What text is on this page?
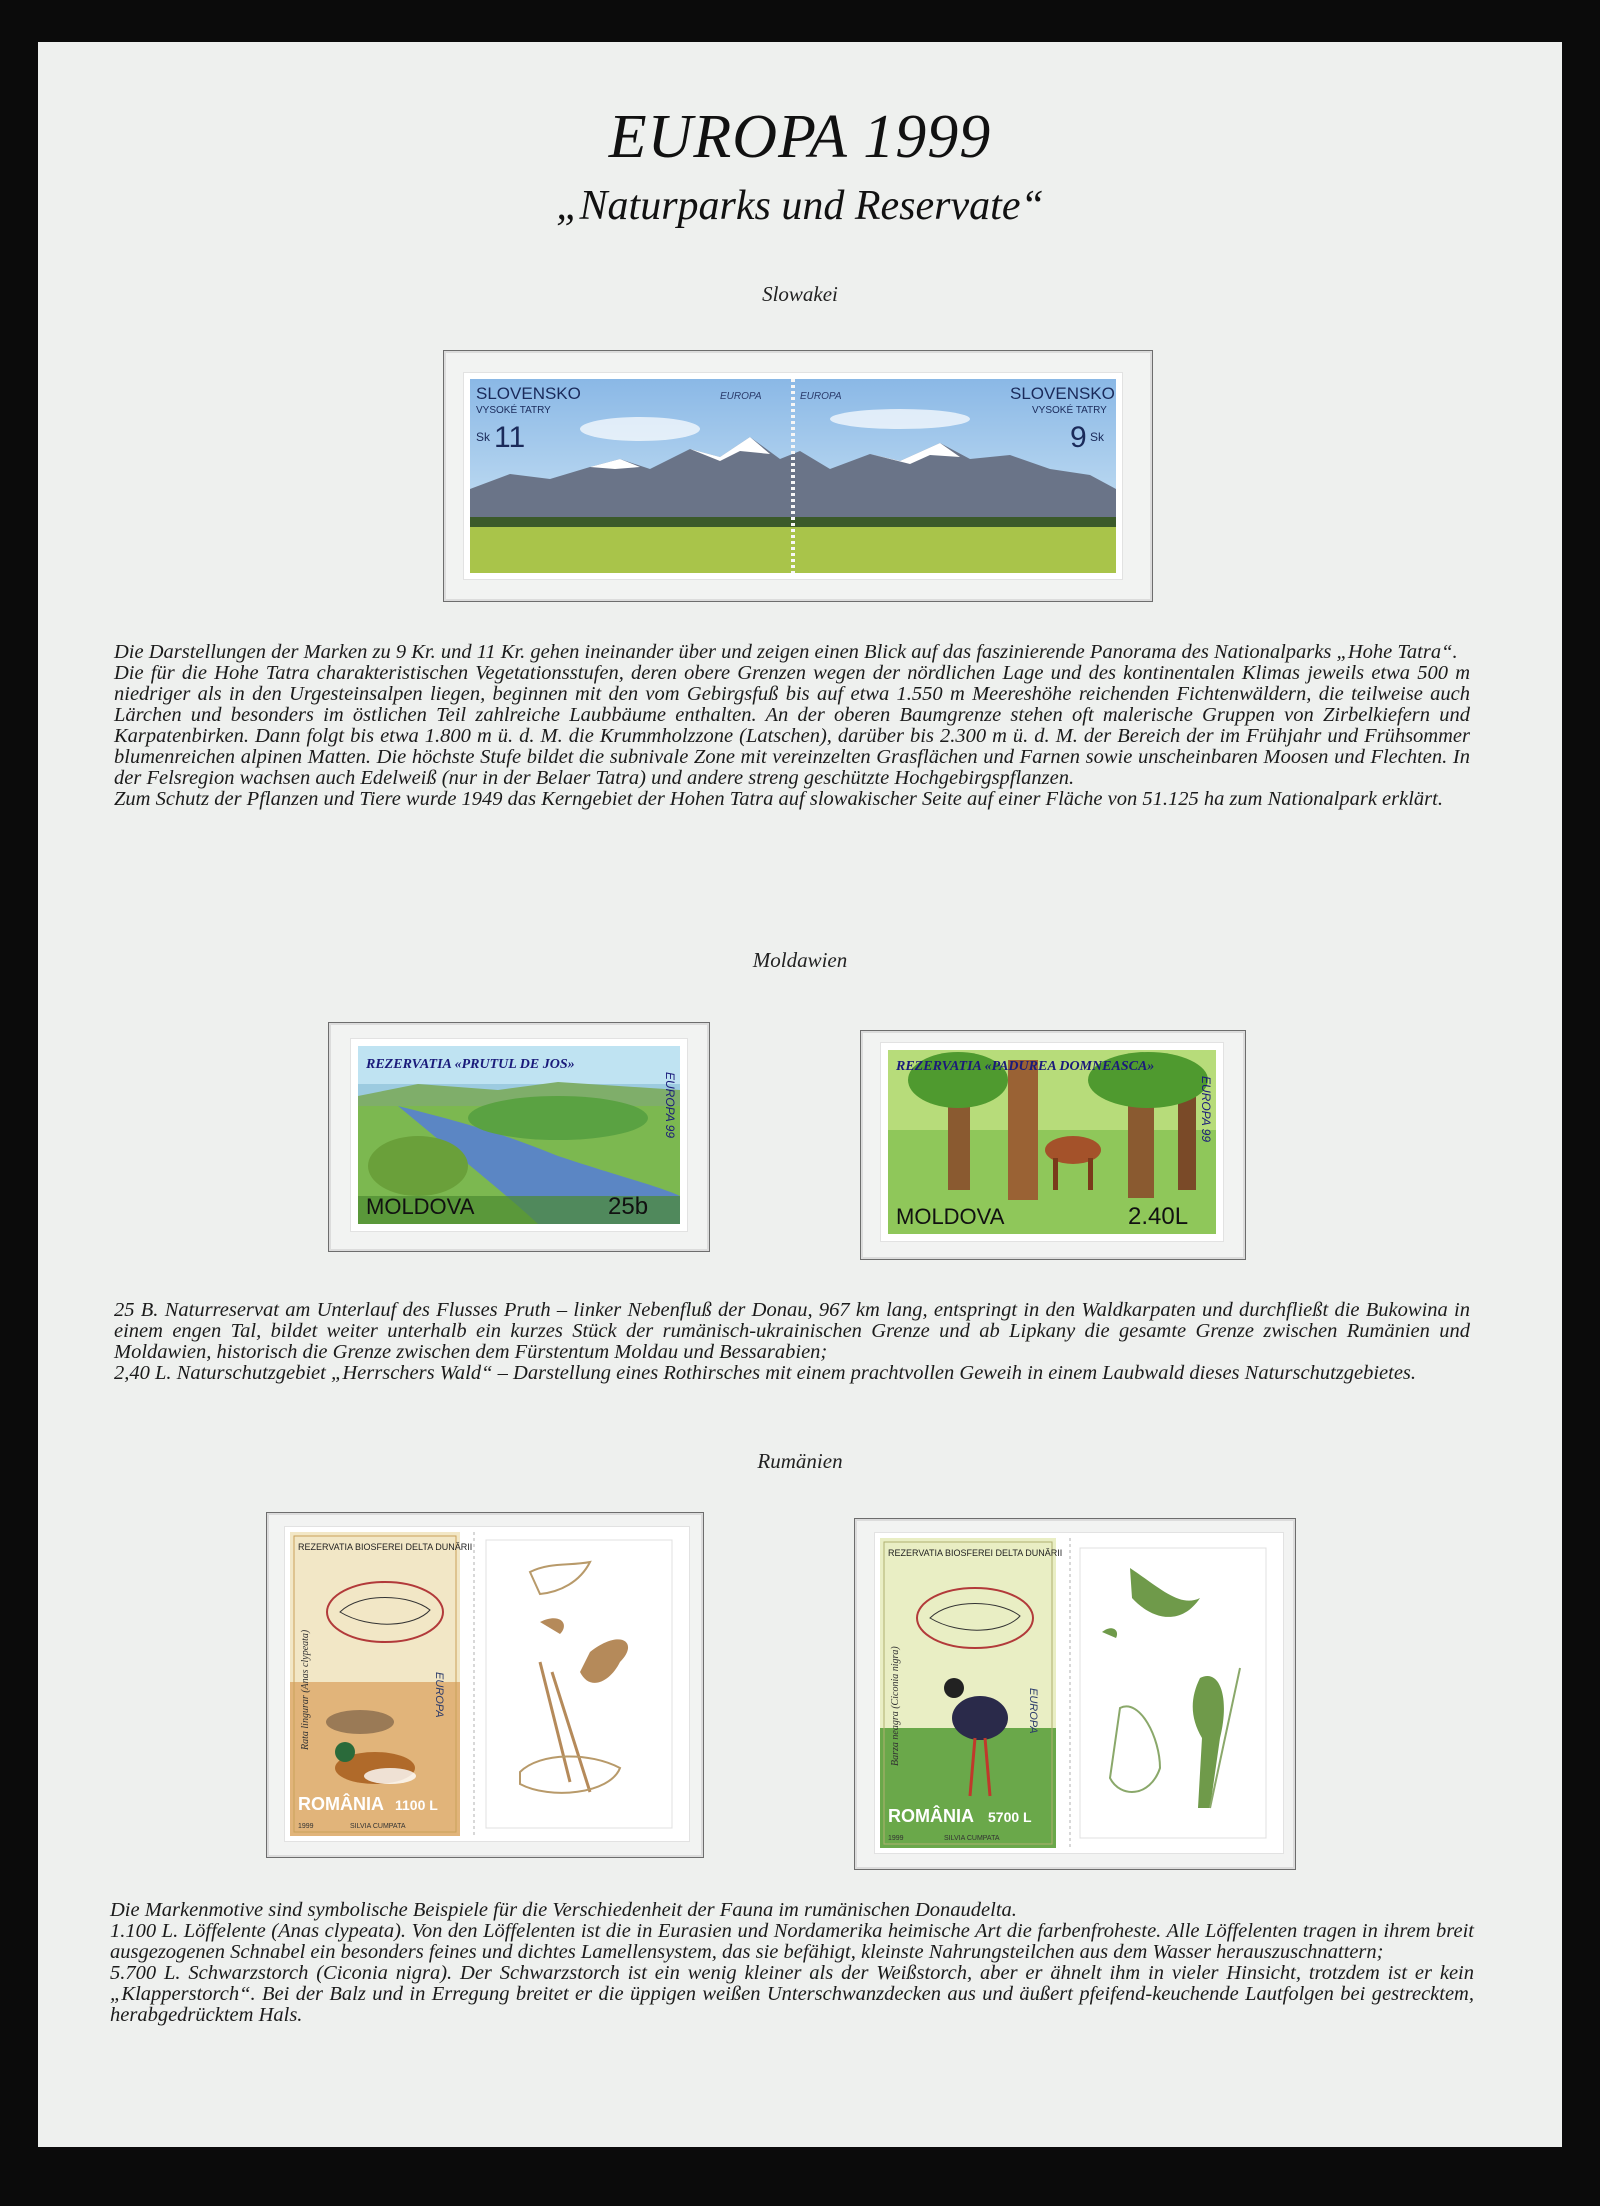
EUROPA 1999
„Naturparks und Reservate“
Slowakei
SLOVENSKO
VYSOKÉ TATRY
Sk 11
EUROPA	EUROPA	SLOVENSKO
VYSOKÉ TATRY
9 Sk

Die Darstellungen der Marken zu 9 Kr. und 11 Kr. gehen ineinander über und zeigen einen Blick auf das faszinierende Panorama des Nationalparks „Hohe Tatra“.
Die für die Hohe Tatra charakteristischen Vegetationsstufen, deren obere Grenzen wegen der nördlichen Lage und des kontinentalen Klimas jeweils etwa 500 m niedriger als in den Urgesteinsalpen liegen, beginnen mit den vom Gebirgsfuß bis auf etwa 1.550 m Meereshöhe reichenden Fichtenwäldern, die teilweise auch Lärchen und besonders im östlichen Teil zahlreiche Laubbäume enthalten. An der oberen Baumgrenze stehen oft malerische Gruppen von Zirbelkiefern und Karpatenbirken. Dann folgt bis etwa 1.800 m ü. d. M. die Krummholzzone (Latschen), darüber bis 2.300 m ü. d. M. der Bereich der im Frühjahr und Frühsommer blumenreichen alpinen Matten. Die höchste Stufe bildet die subnivale Zone mit vereinzelten Grasflächen und Farnen sowie unscheinbaren Moosen und Flechten. In der Felsregion wachsen auch Edelweiß (nur in der Belaer Tatra) und andere streng geschützte Hochgebirgspflanzen.
Zum Schutz der Pflanzen und Tiere wurde 1949 das Kerngebiet der Hohen Tatra auf slowakischer Seite auf einer Fläche von 51.125 ha zum Nationalpark erklärt.

Moldawien
REZERVATIA «PRUTUL DE JOS»
EUROPA 99
MOLDOVA	25b
REZERVATIA «PADUREA DOMNEASCA»
EUROPA 99
MOLDOVA	2.40L

25 B. Naturreservat am Unterlauf des Flusses Pruth – linker Nebenfluß der Donau, 967 km lang, entspringt in den Waldkarpaten und durchfließt die Bukowina in einem engen Tal, bildet weiter unterhalb ein kurzes Stück der rumänisch-ukrainischen Grenze und ab Lipkany die gesamte Grenze zwischen Rumänien und Moldawien, historisch die Grenze zwischen dem Fürstentum Moldau und Bessarabien;
2,40 L. Naturschutzgebiet „Herrschers Wald“ – Darstellung eines Rothirsches mit einem prachtvollen Geweih in einem Laubwald dieses Naturschutzgebietes.

Rumänien
REZERVATIA BIOSFEREI DELTA DUNĂRII
Rata lingurar (Anas clypeata)	EUROPA
ROMÂNIA 1100 L
1999	SILVIA CUMPATA
REZERVATIA BIOSFEREI DELTA DUNĂRII
Barza neagra (Ciconia nigra)	EUROPA
ROMÂNIA 5700 L
1999	SILVIA CUMPATA

Die Markenmotive sind symbolische Beispiele für die Verschiedenheit der Fauna im rumänischen Donaudelta.
1.100 L. Löffelente (Anas clypeata). Von den Löffelenten ist die in Eurasien und Nordamerika heimische Art die farbenfroheste. Alle Löffelenten tragen in ihrem breit ausgezogenen Schnabel ein besonders feines und dichtes Lamellensystem, das sie befähigt, kleinste Nahrungsteilchen aus dem Wasser herauszuschnattern;
5.700 L. Schwarzstorch (Ciconia nigra). Der Schwarzstorch ist ein wenig kleiner als der Weißstorch, aber er ähnelt ihm in vieler Hinsicht, trotzdem ist er kein „Klapperstorch“. Bei der Balz und in Erregung breitet er die üppigen weißen Unterschwanzdecken aus und äußert pfeifend-keuchende Lautfolgen bei gestrecktem, herabgedrücktem Hals.
